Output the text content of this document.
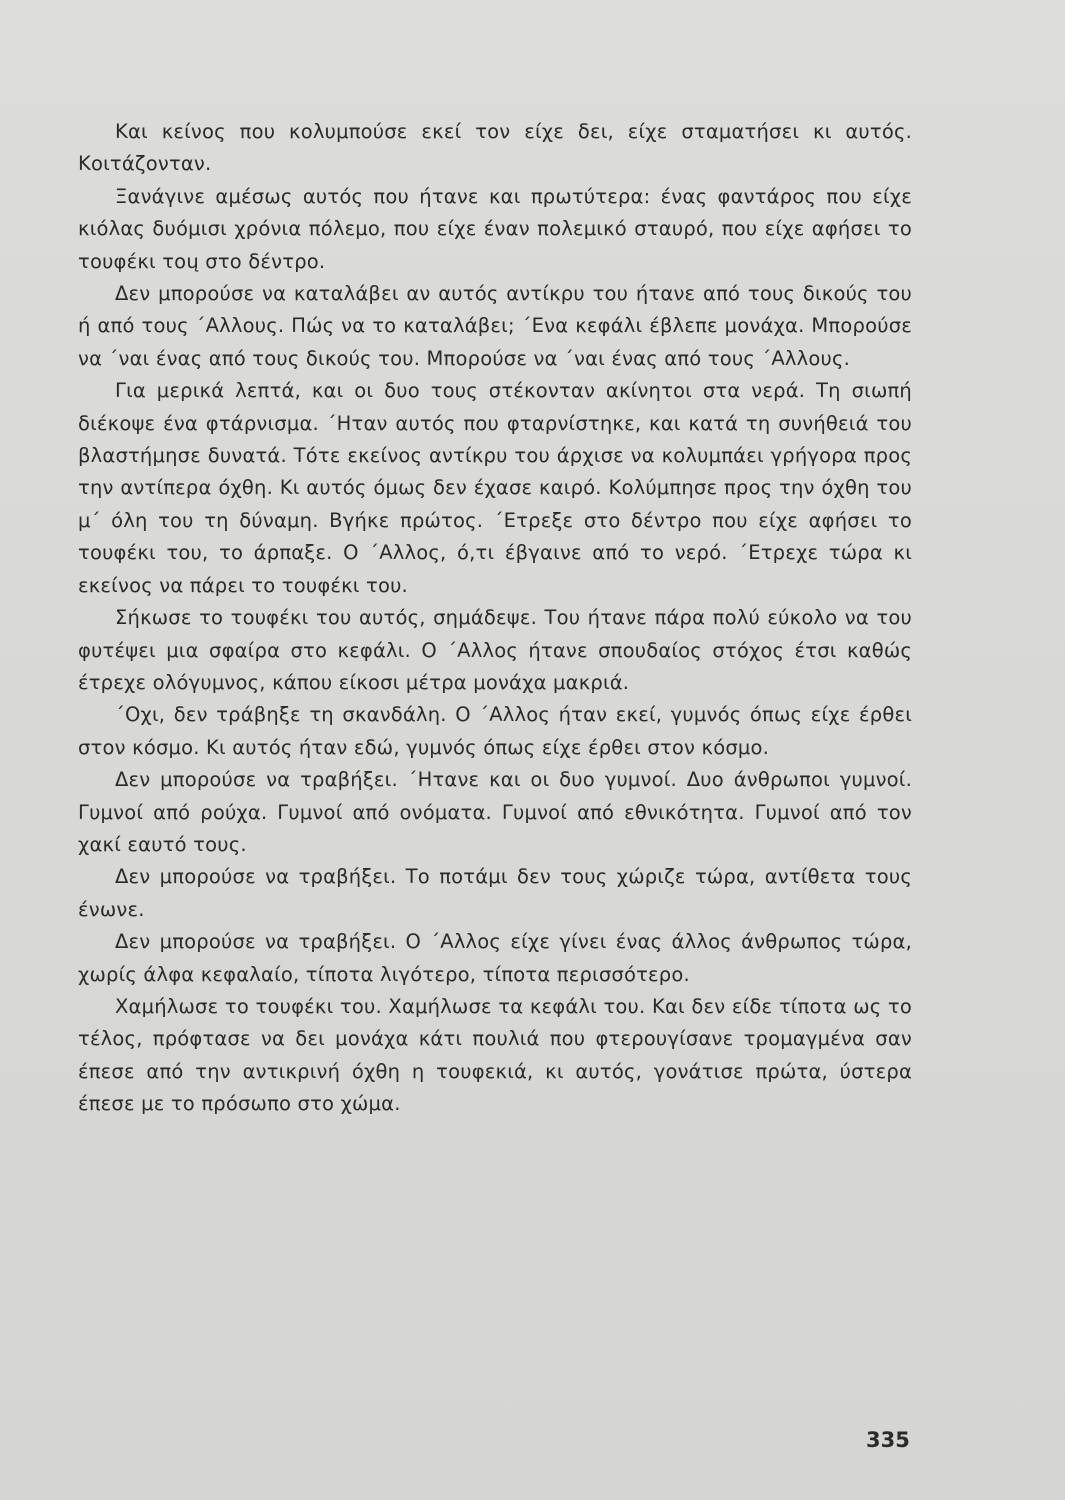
Και κείνος που κολυμπούσε εκεί τον είχε δει, είχε σταματήσει κι αυτός. Κοιτάζονταν.

Ξανάγινε αμέσως αυτός που ήτανε και πρωτύτερα: ένας φαντάρος που είχε κιόλας δυόμισι χρόνια πόλεμο, που είχε έναν πολεμικό σταυρό, που είχε αφήσει το τουφέκι τοų στο δέντρο.

Δεν μπορούσε να καταλάβει αν αυτός αντίκρυ του ήτανε από τους δικούς του ή από τους ΄Αλλους. Πώς να το καταλάβει; ΄Ενα κεφάλι έβλεπε μονάχα. Μπορούσε να ΄ναι ένας από τους δικούς του. Μπορούσε να ΄ναι ένας από τους ΄Αλλους.

Για μερικά λεπτά, και οι δυο τους στέκονταν ακίνητοι στα νερά. Τη σιωπή διέκοψε ένα φτάρνισμα. ΄Ηταν αυτός που φταρνίστηκε, και κατά τη συνήθειά του βλαστήμησε δυνατά. Τότε εκείνος αντίκρυ του άρχισε να κολυμπάει γρήγορα προς την αντίπερα όχθη. Κι αυτός όμως δεν έχασε καιρό. Κολύμπησε προς την όχθη του μ΄ όλη του τη δύναμη. Βγήκε πρώτος. ΄Ετρεξε στο δέντρο που είχε αφήσει το τουφέκι του, το άρπαξε. Ο ΄Αλλος, ό,τι έβγαινε από το νερό. ΄Ετρεχε τώρα κι εκείνος να πάρει το τουφέκι του.

Σήκωσε το τουφέκι του αυτός, σημάδεψε. Του ήτανε πάρα πολύ εύκολο να του φυτέψει μια σφαίρα στο κεφάλι. Ο ΄Αλλος ήτανε σπουδαίος στόχος έτσι καθώς έτρεχε ολόγυμνος, κάπου είκοσι μέτρα μονάχα μακριά.

΄Οχι, δεν τράβηξε τη σκανδάλη. Ο ΄Αλλος ήταν εκεί, γυμνός όπως είχε έρθει στον κόσμο. Κι αυτός ήταν εδώ, γυμνός όπως είχε έρθει στον κόσμο.

Δεν μπορούσε να τραβήξει. ΄Ητανε και οι δυο γυμνοί. Δυο άνθρωποι γυμνοί. Γυμνοί από ρούχα. Γυμνοί από ονόματα. Γυμνοί από εθνικότητα. Γυμνοί από τον χακί εαυτό τους.

Δεν μπορούσε να τραβήξει. Το ποτάμι δεν τους χώριζε τώρα, αντίθετα τους ένωνε.

Δεν μπορούσε να τραβήξει. Ο ΄Αλλος είχε γίνει ένας άλλος άνθρωπος τώρα, χωρίς άλφα κεφαλαίο, τίποτα λιγότερο, τίποτα περισσότερο.

Χαμήλωσε το τουφέκι του. Χαμήλωσε τα κεφάλι του. Και δεν είδε τίποτα ως το τέλος, πρόφτασε να δει μονάχα κάτι πουλιά που φτερουγίσανε τρομαγμένα σαν έπεσε από την αντικρινή όχθη η τουφεκιά, κι αυτός, γονάτισε πρώτα, ύστερα έπεσε με το πρόσωπο στο χώμα.

335
